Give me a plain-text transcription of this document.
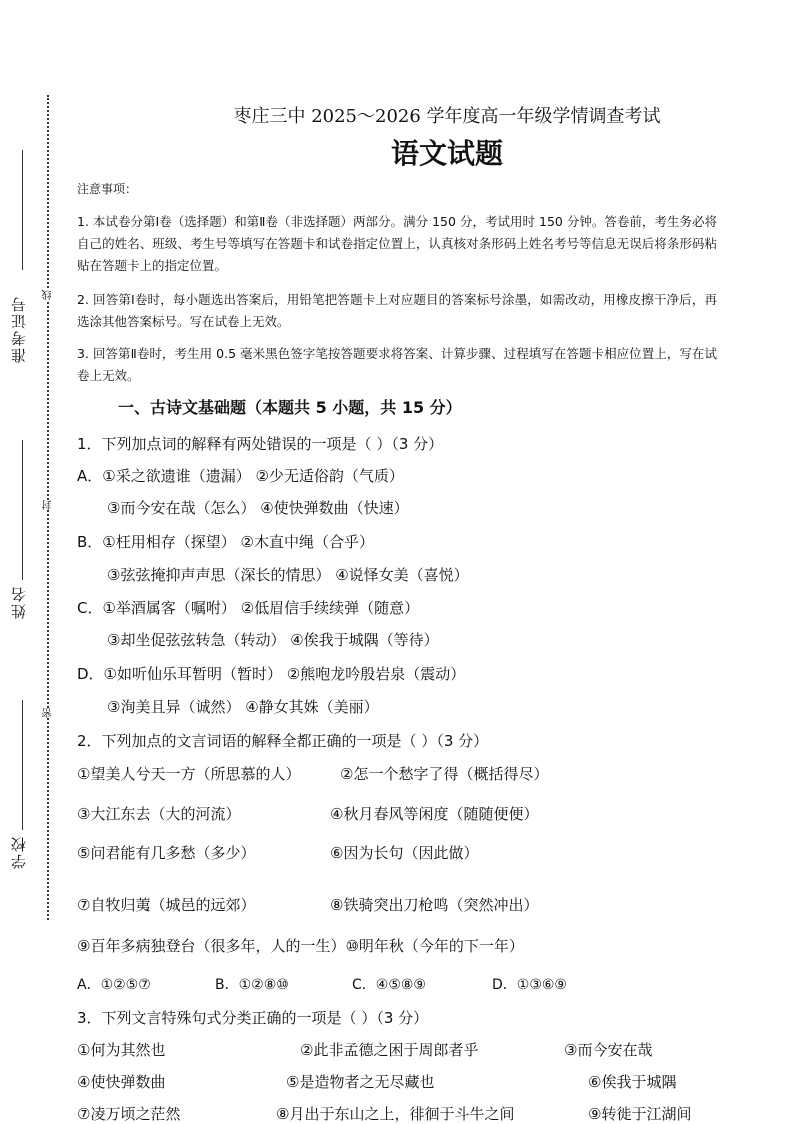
准考证号
姓名
学校
线
封
密
枣庄三中 2025～2026 学年度高一年级学情调查考试
语文试题
注意事项：
1. 本试卷分第Ⅰ卷（选择题）和第Ⅱ卷（非选择题）两部分。满分 150 分，考试用时 150 分钟。答卷前，考生务必将自己的姓名、班级、考生号等填写在答题卡和试卷指定位置上，认真核对条形码上姓名考号等信息无误后将条形码粘贴在答题卡上的指定位置。
2. 回答第Ⅰ卷时，每小题选出答案后，用铅笔把答题卡上对应题目的答案标号涂墨，如需改动，用橡皮擦干净后，再选涂其他答案标号。写在试卷上无效。
3. 回答第Ⅱ卷时，考生用 0.5 毫米黑色签字笔按答题要求将答案、计算步骤、过程填写在答题卡相应位置上，写在试卷上无效。
一、古诗文基础题（本题共 5 小题，共 15 分）
1．下列加点词的解释有两处错误的一项是（ ）（3 分）
A．①采之欲遗谁（遗漏） ②少无适俗韵（气质）
③而今安在哉（怎么） ④使快弹数曲（快速）
B．①枉用相存（探望） ②木直中绳（合乎）
③弦弦掩抑声声思（深长的情思） ④说怿女美（喜悦）
C．①举酒属客（嘱咐） ②低眉信手续续弹（随意）
③却坐促弦弦转急（转动） ④俟我于城隅（等待）
D．①如听仙乐耳暂明（暂时） ②熊咆龙吟殷岩泉（震动）
③洵美且异（诚然） ④静女其姝（美丽）
2．下列加点的文言词语的解释全都正确的一项是（ ）（3 分）
①望美人兮天一方（所思慕的人）	②怎一个愁字了得（概括得尽）
③大江东去（大的河流）	④秋月春风等闲度（随随便便）
⑤问君能有几多愁（多少）	⑥因为长句（因此做）
⑦自牧归荑（城邑的远郊）	⑧铁骑突出刀枪鸣（突然冲出）
⑨百年多病独登台（很多年，人的一生）⑩明年秋（今年的下一年）
A．①②⑤⑦	B．①②⑧⑩	C．④⑤⑧⑨	D．①③⑥⑨
3．下列文言特殊句式分类正确的一项是（ ）（3 分）
①何为其然也	②此非孟德之困于周郎者乎	③而今安在哉
④使快弹数曲	⑤是造物者之无尽藏也	⑥俟我于城隅
⑦凌万顷之茫然	⑧月出于东山之上，徘徊于斗牛之间	⑨转徙于江湖间
